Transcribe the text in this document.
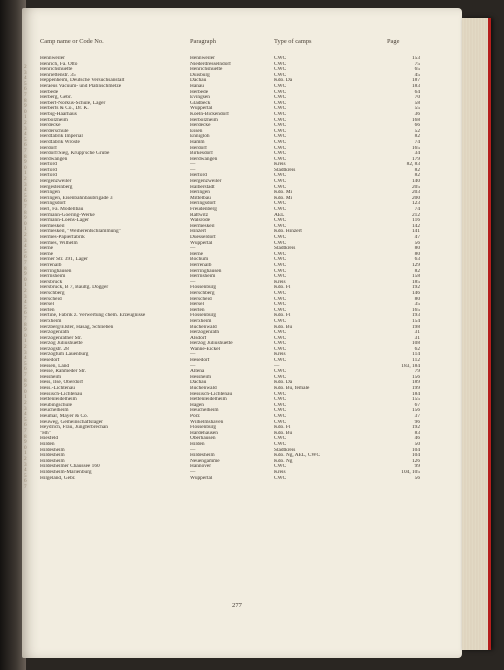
2
3
4
5
6
7
8
9
0
1
2
3
4
5
6
7
8
9
0
1
2
3
4
5
6
7
8
9
0
1
2
3
4
5
6
7
8
9
0
1
2
3
4
5
6
7
8
9
0
1
2
3
4
5
6
7
8
9
0
1
2
3
4
5
6
7
8
9
0
1
2
3
4
5
6
7
Camp name or Code No.	Paragraph	Type of camps	Page
Hennweiler	Hennweiler	CWC	153
Henrich, Fa. Otto	Niederdresselndorf	CWC	75
Henrichshuette	Henrichshuette	CWC	65
Henriettenstr. 35	Duisburg	CWC	45
Heppenheim, Deutsche Versuchsanstalt	Dachau	Kdo. Da	187
Heraeus Vacuum- und Platinschmelze	Hanau	CWC	183
Herbede	Herbede	CWC	64
Herberg, Gebr.	Evingsen	CWC	70
Herbert-Norkus-Schule, Lager	Gladbeck	CWC	58
Herberts & Co., Dr. K.	Wuppertal	CWC	55
Herbig-Haarhaus	Koeln-Bickendorf	CWC	36
Herbolzheim	Herbolzheim	CWC	168
Herdecke	Herdecke	CWC	66
Herderschule	Essen	CWC	52
Herdfabrik Imperial	Ennigloh	CWC	82
Herdfabrik Wroste	Hamm	CWC	74
Herdorf	Herdorf	CWC	165
Herdorf/Sieg, Krupp'sche Grube	Birkesdorf	CWC	34
Herdwangen	Herdwangen	CWC	179
Herford	—	Kreis	82, 83
Herford	—	Stadtkreis	82
Herford	Herford	CWC	82
Hergenzweiler	Hergenzweiler	CWC	140
Hergesteinberg	Halberstadt	CWC	205
Heringen	Heringen	Kdo. Mi	203
Heringen, Eisenbahnbaubrigade 3	Mittelbau	Kdo. Mi	200
Heringsdorf	Heringsdorf	CWC	123
Herl, Fa. Modellbau	Freudenberg	CWC	74
Hermann-Goering-Werke	Rattwitz	AEL	212
Hermann-Loens-Lager	Walsrode	CWC	116
Hermeskeil	Hermeskeil	CWC	142
Hermeskeil, "Weiherentschlammung"	Hinzert	Kdo. Hinzert	141
Hermes-Papierfabrik	Duesseldorf	CWC	47
Hermes, Wilhelm	Wuppertal	CWC	56
Herne	—	Stadtkreis	80
Herne	Herne	CWC	80
Herner Str. 391, Lager	Bochum	CWC	63
Herrenalb	Herrenalb	CWC	129
Herringhausen	Herringhausen	CWC	82
Herrnsheim	Herrnsheim	CWC	158
Hersbruck	—	Kreis	185
Hersbruck, B 7, Baultg. Dogger	Flossenburg	Kdo. Fl	192
Herschberg	Herschberg	CWC	146
Herscheid	Herscheid	CWC	80
Hersel	Hersel	CWC	35
Herten	Herten	CWC	165
Hertine, Fabrik z. Verwertung chem. Erzeugnisse	Flossenburg	Kdo. Fl	193
Herxheim	Herxheim	CWC	154
Herzberg/Elster, Hasag, Schlieben	Buchenwald	Kdo. Bu	198
Herzogenrath	Herzogenrath	CWC	31
Herzogenrather Str.	Alsdorf	CWC	31
Herzog Juliushuette	Herzog Juliushuette	CWC	108
Herzogstr. 28	Wanne-Eickel	CWC	62
Herzogtum Lauenburg	—	Kreis	114
Hesedorf	Hesedorf	CWC	112
Hessen, Land	—	—	183, 184
Hesse, Rahmeder Str.	Altena	CWC	79
Hessheim	Hessheim	CWC	156
Hess, Ilse, Oberdorf	Dachau	Kdo. Da	189
Hess.-Lichtenau	Buchenwald	Kdo. Bu, female	199
Hessisch-Lichtenau	Hessisch-Lichtenau	CWC	184
Hettenleidelheim	Hettenleidelheim	CWC	155
Heubingschule	Hagen	CWC	67
Heuchelheim	Heuchelheim	CWC	156
Heumar, Mayer & Co.	Porz	CWC	37
Heuweg, Gemeinschaftslager	Wilhelmshaven	CWC	96
Heydrich, Frau, Jungferbrechan	Flossenburg	Kdo. Fl	192
"Hh"	Hardehausen	Kdo. Bu	83
Hiesfeld	Oberhausen	CWC	46
Hilden	Hilden	CWC	50
Hildesheim	—	Stadtkreis	104
Hildesheim	Hildesheim	Kdo. Ng, AEL, CWC	104
Hildesheim	Neuengamme	Kdo. Ng	126
Hildesheimer Chaussee 160	Hannover	CWC	99
Hildesheim-Marienburg	—	Kreis	104, 105
Hilgeland, Gebr.	Wuppertal	CWC	56
277
